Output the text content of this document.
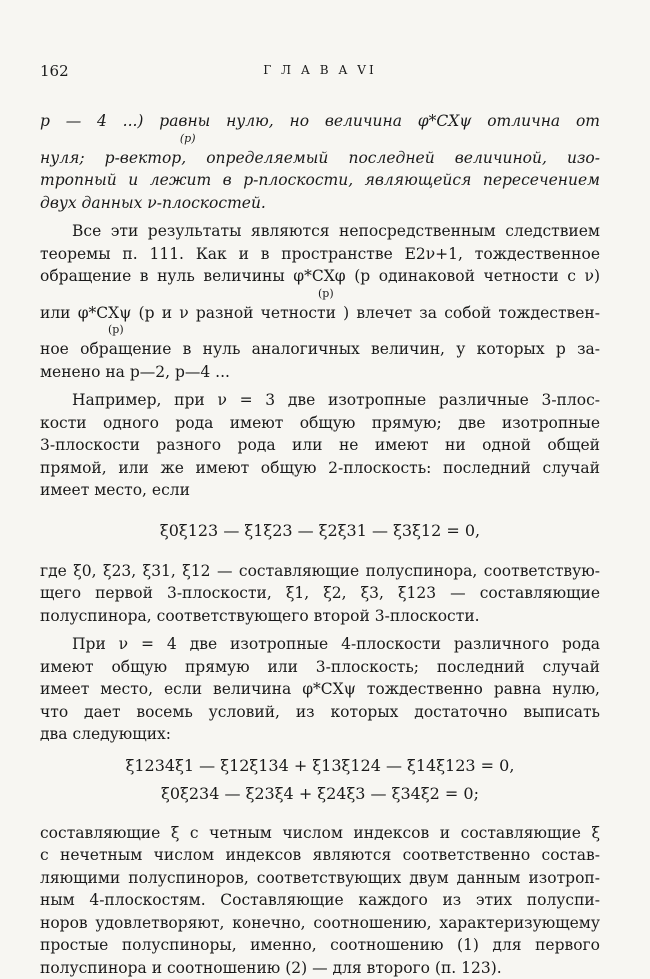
162	Г Л А В А VI
p — 4 ...) равны нулю, но величина φ*CXψ отлична от
(p)
нуля; p-вектор, определяемый последней величиной, изо-
тропный и лежит в p-плоскости, являющейся пересечением
двух данных ν-плоскостей.
Все эти результаты являются непосредственным следствием
теоремы п. 111. Как и в пространстве E2ν+1, тождественное
обращение в нуль величины φ*CXφ (p одинаковой четности с ν)
(p)
или φ*CXψ (p и ν разной четности ) влечет за собой тождествен-
(p)
ное обращение в нуль аналогичных величин, у которых p за-
менено на p—2, p—4 ...
Например, при ν = 3 две изотропные различные 3-плос-
кости одного рода имеют общую прямую; две изотропные
3-плоскости разного рода или не имеют ни одной общей
прямой, или же имеют общую 2-плоскость: последний случай
имеет место, если
ξ0ξ123 — ξ1ξ23 — ξ2ξ31 — ξ3ξ12 = 0,
где ξ0, ξ23, ξ31, ξ12 — составляющие полуспинора, соответствую-
щего первой 3-плоскости, ξ1, ξ2, ξ3, ξ123 — составляющие
полуспинора, соответствующего второй 3-плоскости.
При ν = 4 две изотропные 4-плоскости различного рода
имеют общую прямую или 3-плоскость; последний случай
имеет место, если величина φ*CXψ тождественно равна нулю,
что дает восемь условий, из которых достаточно выписать
два следующих:
ξ1234ξ1 — ξ12ξ134 + ξ13ξ124 — ξ14ξ123 = 0,
ξ0ξ234 — ξ23ξ4 + ξ24ξ3 — ξ34ξ2 = 0;
составляющие ξ с четным числом индексов и составляющие ξ
с нечетным числом индексов являются соответственно состав-
ляющими полуспиноров, соответствующих двум данным изотроп-
ным 4-плоскостям. Составляющие каждого из этих полуспи-
норов удовлетворяют, конечно, соотношению, характеризующему
простые полуспиноры, именно, соотношению (1) для первого
полуспинора и соотношению (2) — для второго (п. 123).
